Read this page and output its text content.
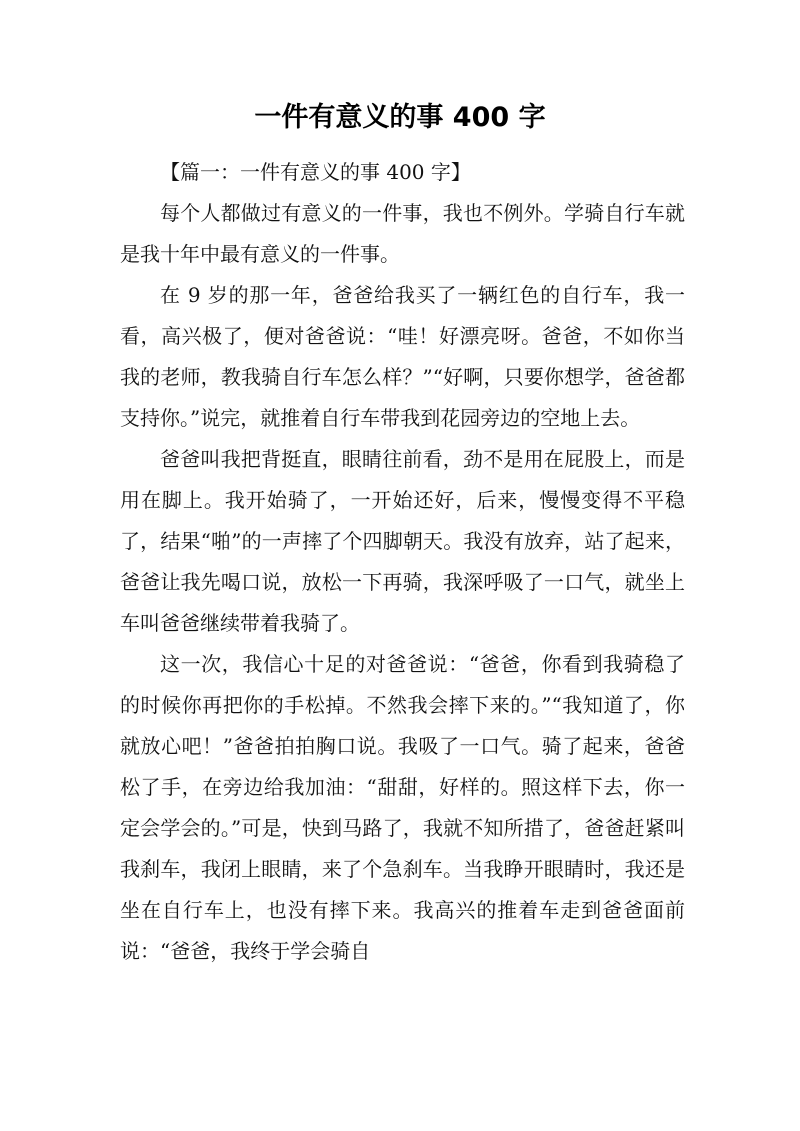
一件有意义的事 400 字

【篇一：一件有意义的事 400 字】

每个人都做过有意义的一件事，我也不例外。学骑自行车就是我十年中最有意义的一件事。

在 9 岁的那一年，爸爸给我买了一辆红色的自行车，我一看，高兴极了，便对爸爸说：“哇！好漂亮呀。爸爸，不如你当我的老师，教我骑自行车怎么样？”“好啊，只要你想学，爸爸都支持你。”说完，就推着自行车带我到花园旁边的空地上去。

爸爸叫我把背挺直，眼睛往前看，劲不是用在屁股上，而是用在脚上。我开始骑了，一开始还好，后来，慢慢变得不平稳了，结果“啪”的一声摔了个四脚朝天。我没有放弃，站了起来，爸爸让我先喝口说，放松一下再骑，我深呼吸了一口气，就坐上车叫爸爸继续带着我骑了。

这一次，我信心十足的对爸爸说：“爸爸，你看到我骑稳了的时候你再把你的手松掉。不然我会摔下来的。”“我知道了，你就放心吧！”爸爸拍拍胸口说。我吸了一口气。骑了起来，爸爸松了手，在旁边给我加油：“甜甜，好样的。照这样下去，你一定会学会的。”可是，快到马路了，我就不知所措了，爸爸赶紧叫我刹车，我闭上眼睛，来了个急刹车。当我睁开眼睛时，我还是坐在自行车上，也没有摔下来。我高兴的推着车走到爸爸面前说：“爸爸，我终于学会骑自
